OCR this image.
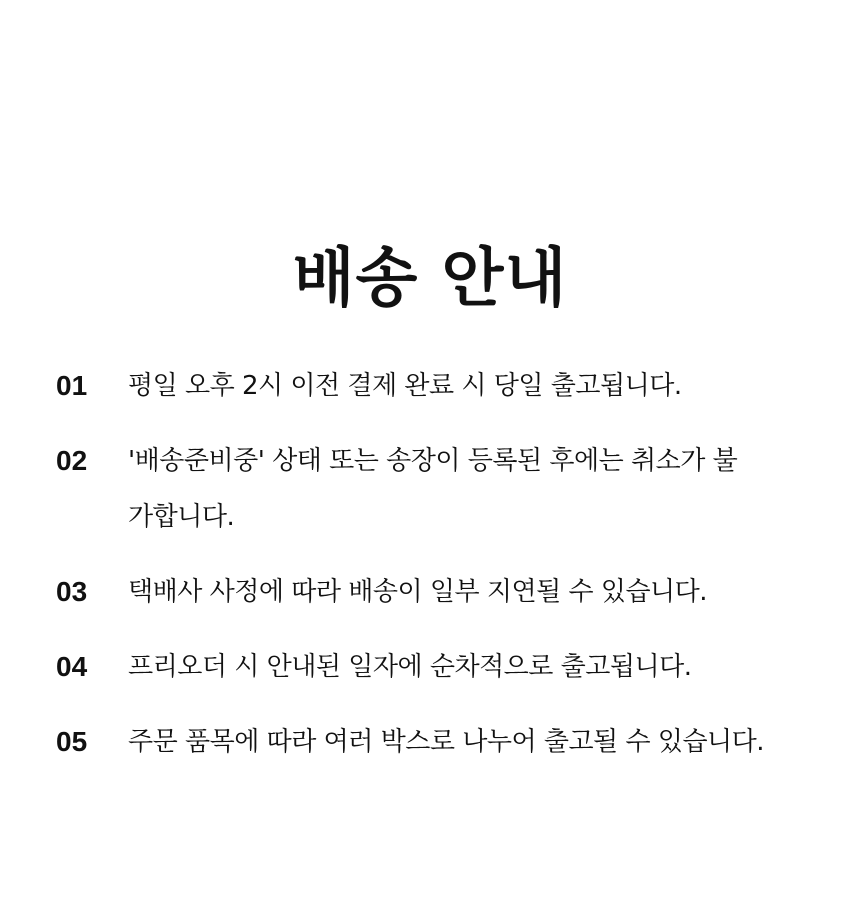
배송 안내
01	평일 오후 2시 이전 결제 완료 시 당일 출고됩니다.
02	'배송준비중' 상태 또는 송장이 등록된 후에는 취소가 불가합니다.
03	택배사 사정에 따라 배송이 일부 지연될 수 있습니다.
04	프리오더 시 안내된 일자에 순차적으로 출고됩니다.
05	주문 품목에 따라 여러 박스로 나누어 출고될 수 있습니다.
